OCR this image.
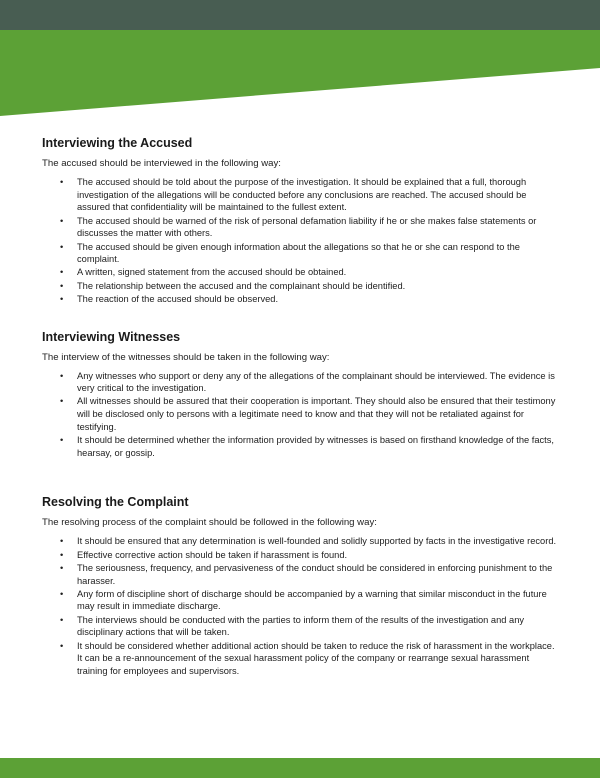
Interviewing the Accused

The accused should be interviewed in the following way:

• The accused should be told about the purpose of the investigation. It should be explained that a full, thorough investigation of the allegations will be conducted before any conclusions are reached. The accused should be assured that confidentiality will be maintained to the fullest extent.
• The accused should be warned of the risk of personal defamation liability if he or she makes false statements or discusses the matter with others.
• The accused should be given enough information about the allegations so that he or she can respond to the complaint.
• A written, signed statement from the accused should be obtained.
• The relationship between the accused and the complainant should be identified.
• The reaction of the accused should be observed.
Interviewing Witnesses

The interview of the witnesses should be taken in the following way:

• Any witnesses who support or deny any of the allegations of the complainant should be interviewed. The evidence is very critical to the investigation.
• All witnesses should be assured that their cooperation is important. They should also be ensured that their testimony will be disclosed only to persons with a legitimate need to know and that they will not be retaliated against for testifying.
• It should be determined whether the information provided by witnesses is based on firsthand knowledge of the facts, hearsay, or gossip.
Resolving the Complaint

The resolving process of the complaint should be followed in the following way:

• It should be ensured that any determination is well-founded and solidly supported by facts in the investigative record.
• Effective corrective action should be taken if harassment is found.
• The seriousness, frequency, and pervasiveness of the conduct should be considered in enforcing punishment to the harasser.
• Any form of discipline short of discharge should be accompanied by a warning that similar misconduct in the future may result in immediate discharge.
• The interviews should be conducted with the parties to inform them of the results of the investigation and any disciplinary actions that will be taken.
• It should be considered whether additional action should be taken to reduce the risk of harassment in the workplace. It can be a re-announcement of the sexual harassment policy of the company or rearrange sexual harassment training for employees and supervisors.
